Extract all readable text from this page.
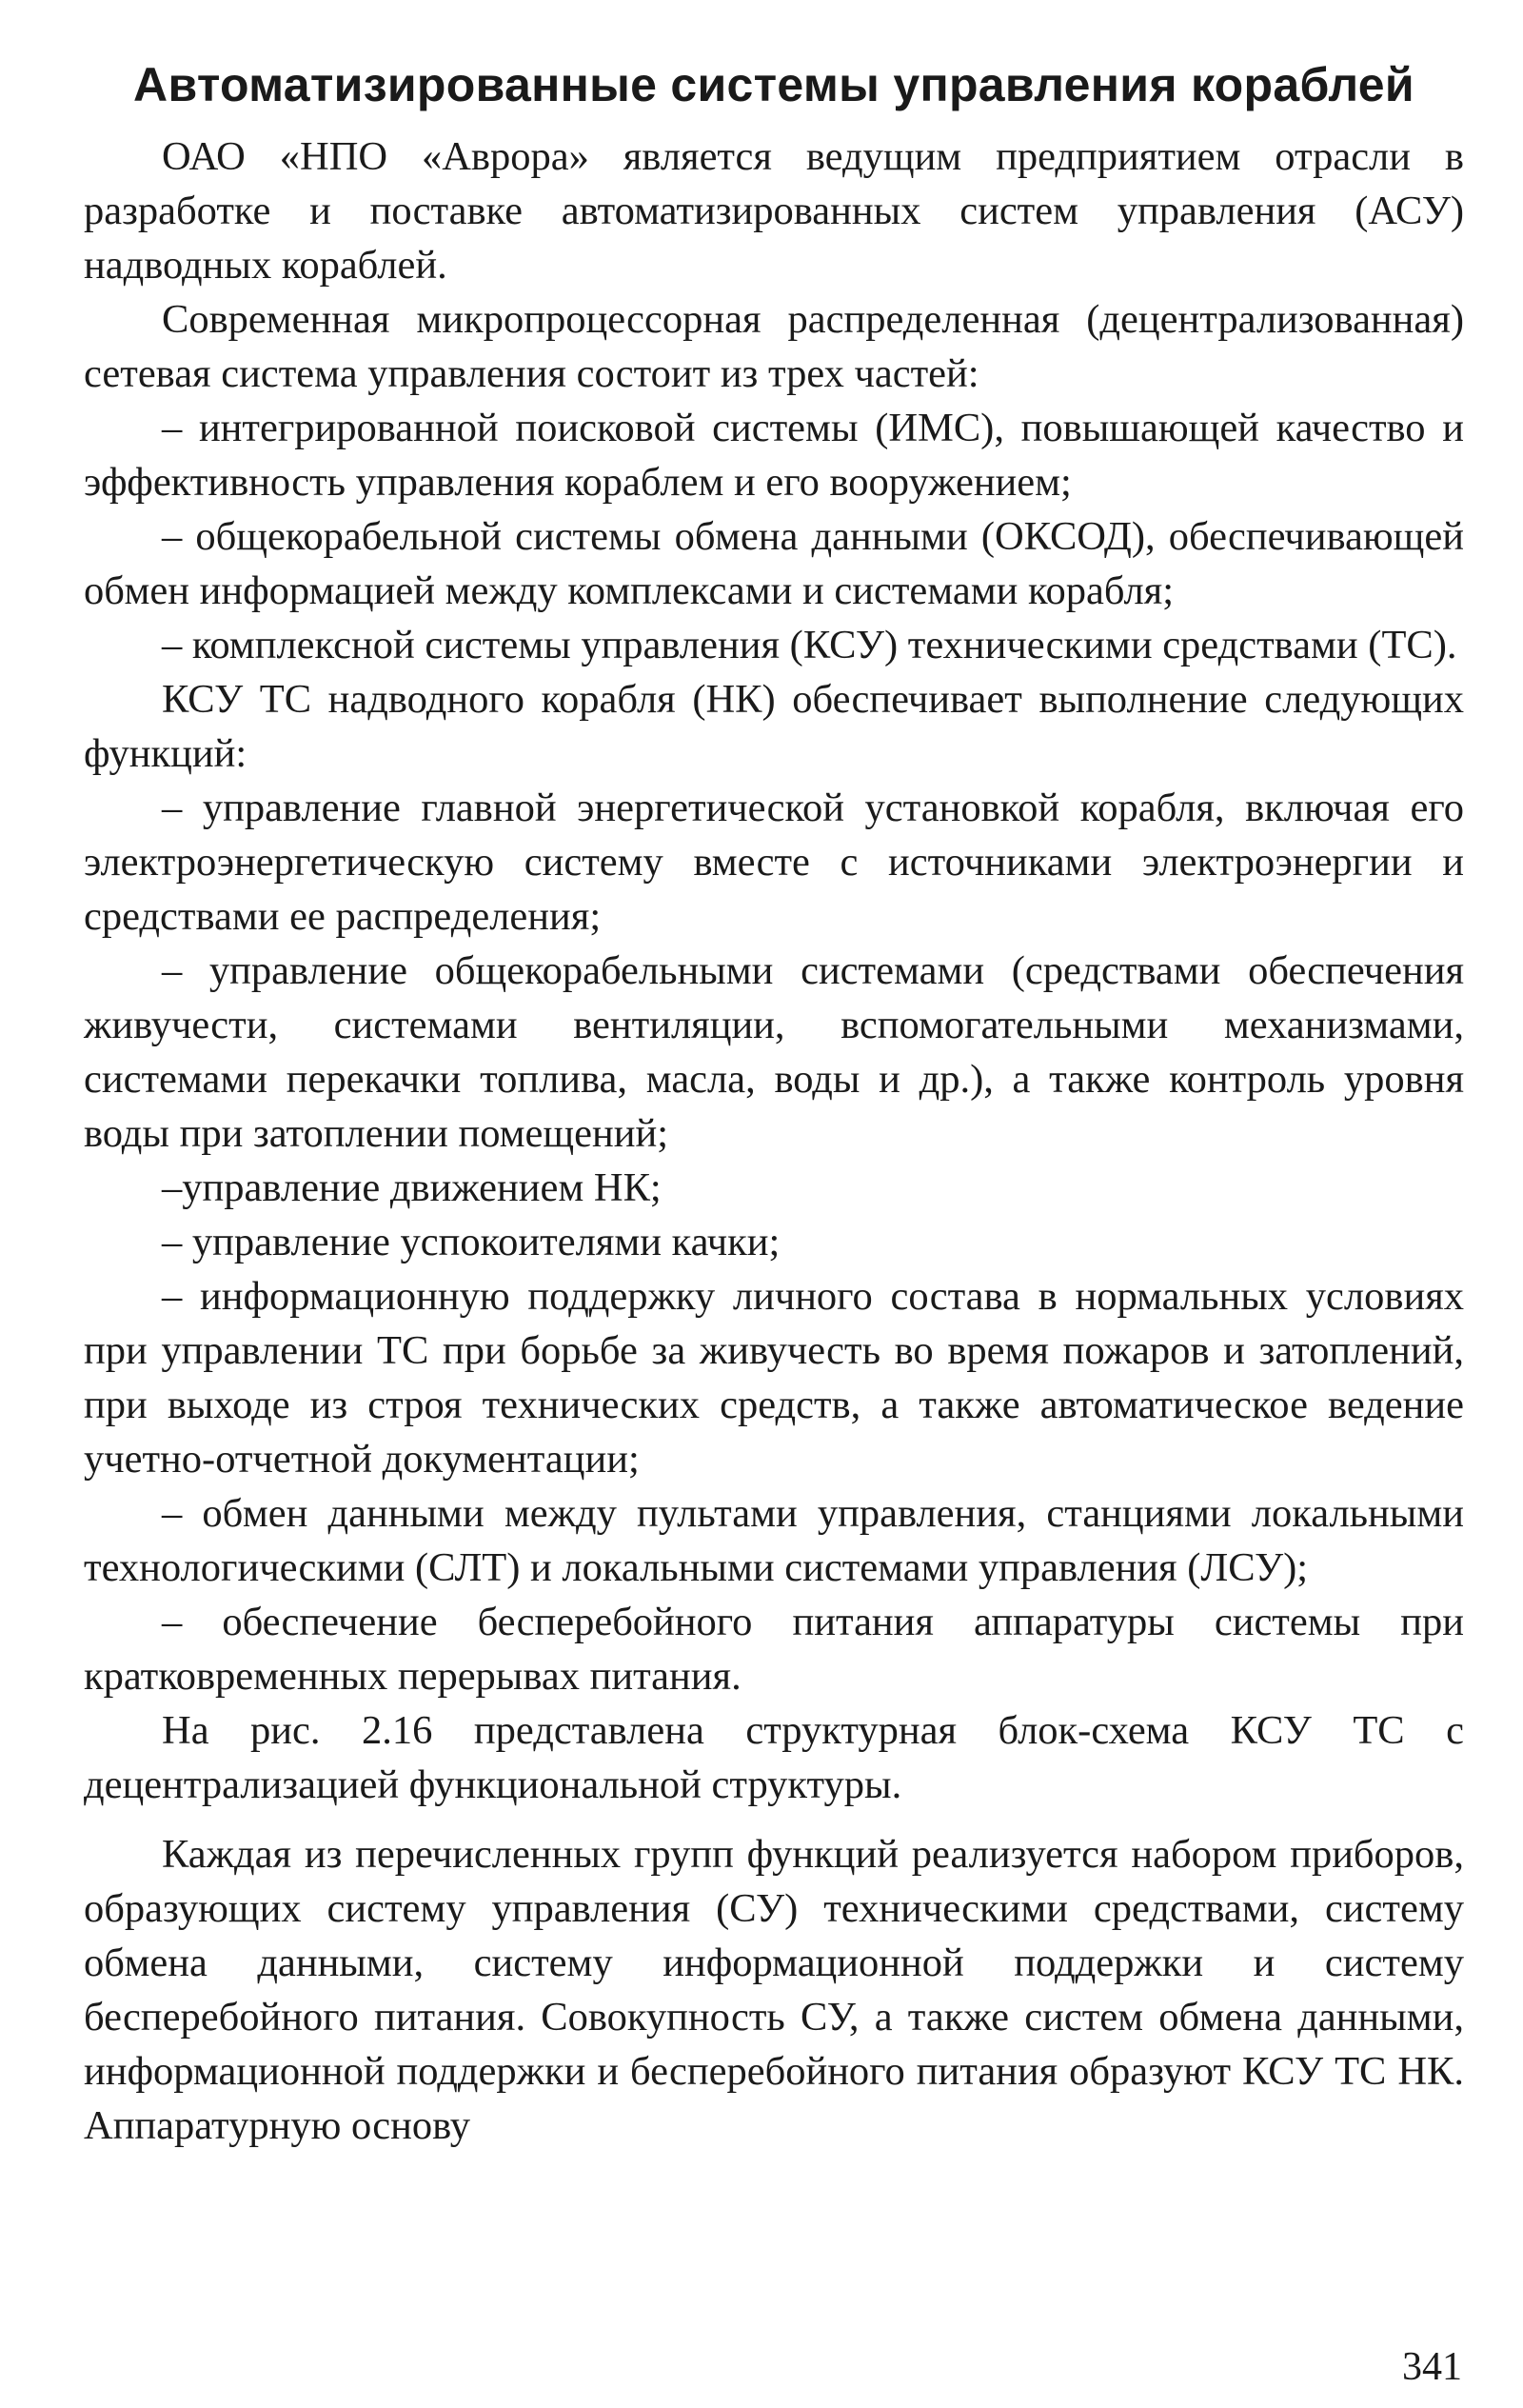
Автоматизированные системы управления кораблей

ОАО «НПО «Аврора» является ведущим предприятием отрасли в разработке и поставке автоматизированных систем управления (АСУ) надводных кораблей.

Современная микропроцессорная распределенная (децентрализованная) сетевая система управления состоит из трех частей:

– интегрированной поисковой системы (ИМС), повышающей качество и эффективность управления кораблем и его вооружением;

– общекорабельной системы обмена данными (ОКСОД), обеспечивающей обмен информацией между комплексами и системами корабля;

– комплексной системы управления (КСУ) техническими средствами (ТС).

КСУ ТС надводного корабля (НК) обеспечивает выполнение следующих функций:

– управление главной энергетической установкой корабля, включая его электроэнергетическую систему вместе с источниками электроэнергии и средствами ее распределения;

– управление общекорабельными системами (средствами обеспечения живучести, системами вентиляции, вспомогательными механизмами, системами перекачки топлива, масла, воды и др.), а также контроль уровня воды при затоплении помещений;

–управление движением НК;

– управление успокоителями качки;

– информационную поддержку личного состава в нормальных условиях при управлении ТС при борьбе за живучесть во время пожаров и затоплений, при выходе из строя технических средств, а также автоматическое ведение учетно-отчетной документации;

– обмен данными между пультами управления, станциями локальными технологическими (СЛТ) и локальными системами управления (ЛСУ);

– обеспечение бесперебойного питания аппаратуры системы при кратковременных перерывах питания.

На рис. 2.16 представлена структурная блок-схема КСУ ТС с децентрализацией функциональной структуры.

Каждая из перечисленных групп функций реализуется набором приборов, образующих систему управления (СУ) техническими средствами, систему обмена данными, систему информационной поддержки и систему бесперебойного питания. Совокупность СУ, а также систем обмена данными, информационной поддержки и бесперебойного питания образуют КСУ ТС НК. Аппаратурную основу

341
